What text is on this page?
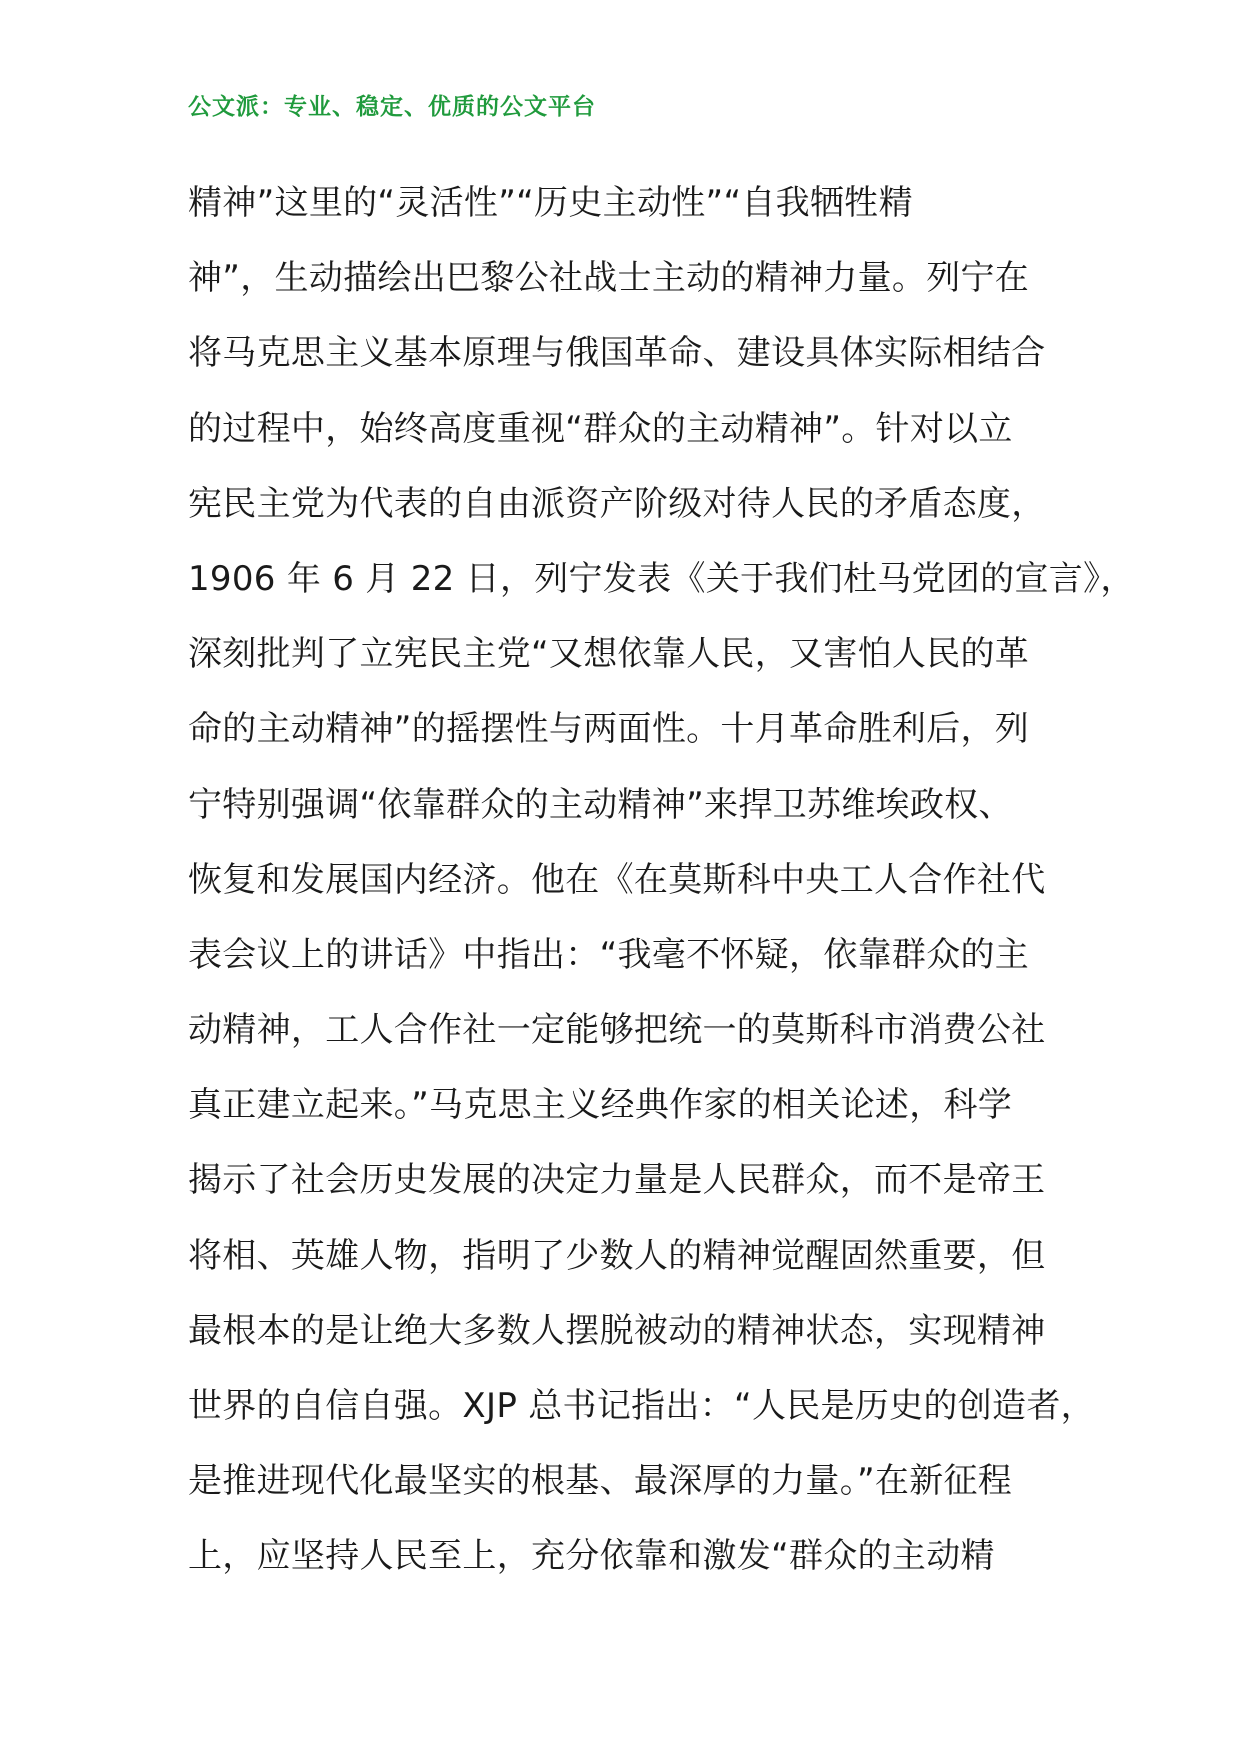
公文派：专业、稳定、优质的公文平台
精神”这里的“灵活性”“历史主动性”“自我牺牲精
神”，生动描绘出巴黎公社战士主动的精神力量。列宁在
将马克思主义基本原理与俄国革命、建设具体实际相结合
的过程中，始终高度重视“群众的主动精神”。针对以立
宪民主党为代表的自由派资产阶级对待人民的矛盾态度，
1906 年 6 月 22 日，列宁发表《关于我们杜马党团的宣言》，
深刻批判了立宪民主党“又想依靠人民，又害怕人民的革
命的主动精神”的摇摆性与两面性。十月革命胜利后，列
宁特别强调“依靠群众的主动精神”来捍卫苏维埃政权、
恢复和发展国内经济。他在《在莫斯科中央工人合作社代
表会议上的讲话》中指出：“我毫不怀疑，依靠群众的主
动精神，工人合作社一定能够把统一的莫斯科市消费公社
真正建立起来。”马克思主义经典作家的相关论述，科学
揭示了社会历史发展的决定力量是人民群众，而不是帝王
将相、英雄人物，指明了少数人的精神觉醒固然重要，但
最根本的是让绝大多数人摆脱被动的精神状态，实现精神
世界的自信自强。XJP 总书记指出：“人民是历史的创造者，
是推进现代化最坚实的根基、最深厚的力量。”在新征程
上，应坚持人民至上，充分依靠和激发“群众的主动精
